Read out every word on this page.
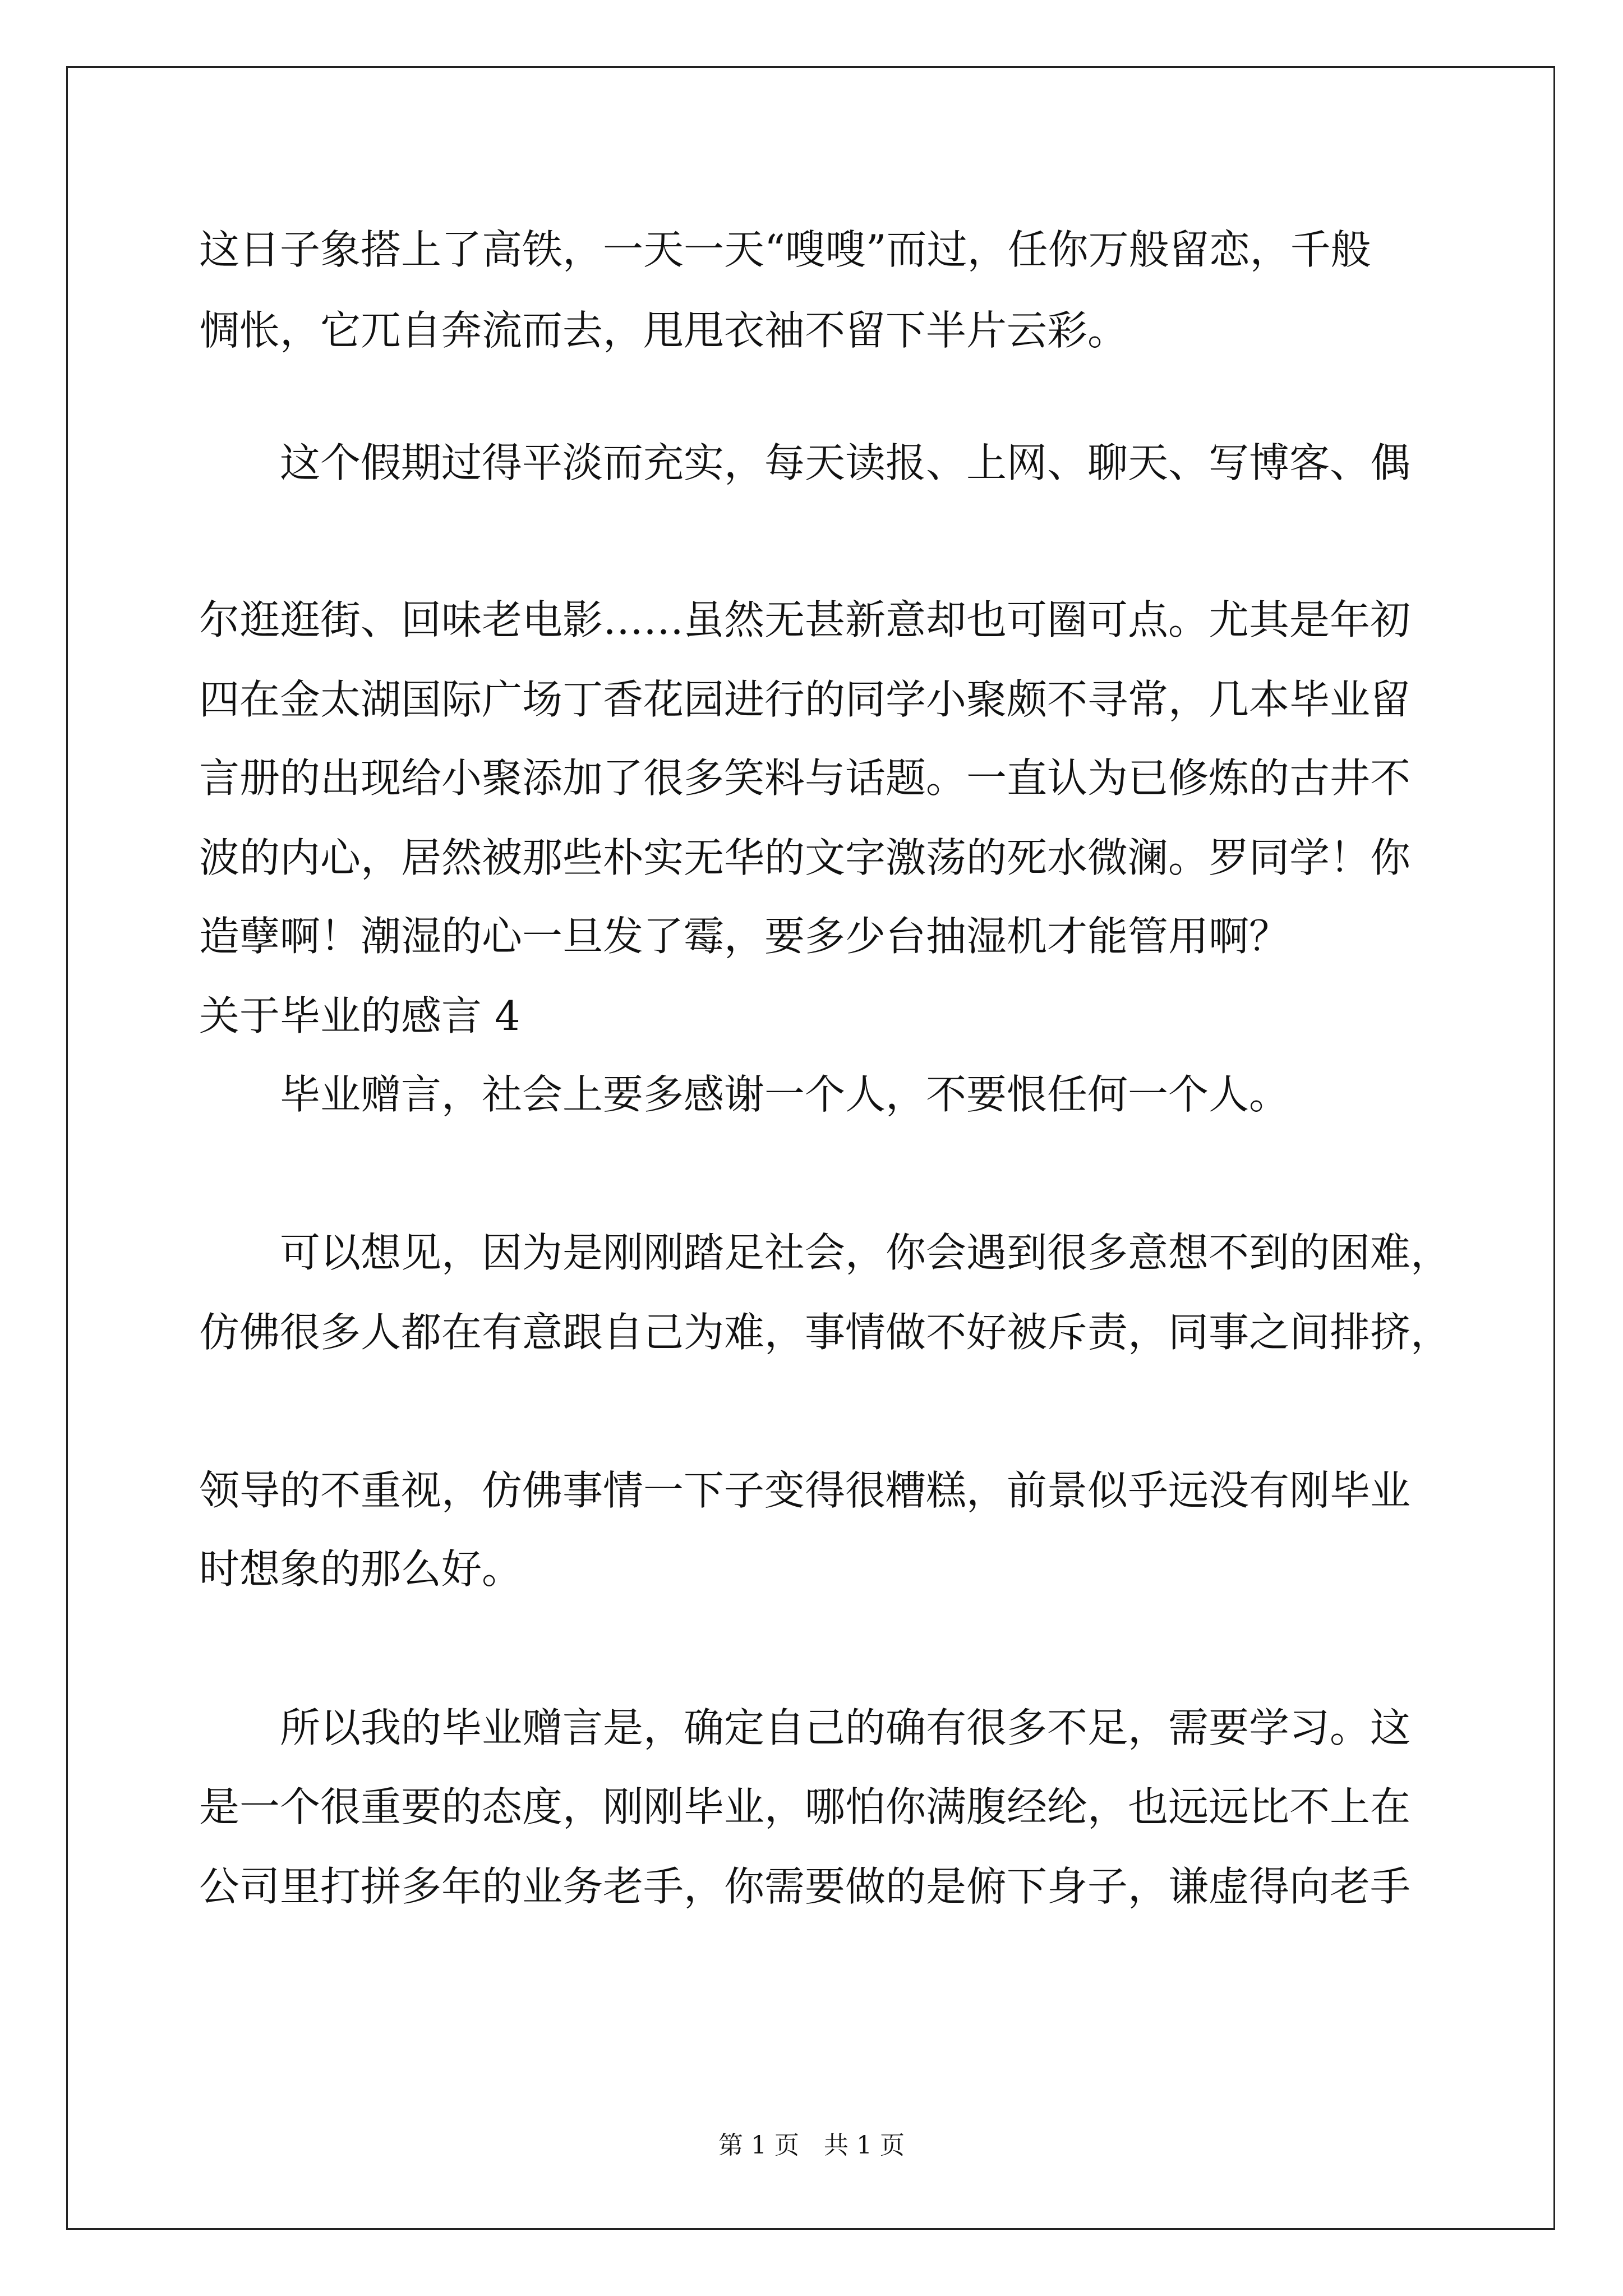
这日子象搭上了高铁，一天一天“嗖嗖”而过，任你万般留恋，千般
惆怅，它兀自奔流而去，甩甩衣袖不留下半片云彩。
　　这个假期过得平淡而充实，每天读报、上网、聊天、写博客、偶
尔逛逛街、回味老电影……虽然无甚新意却也可圈可点。尤其是年初
四在金太湖国际广场丁香花园进行的同学小聚颇不寻常，几本毕业留
言册的出现给小聚添加了很多笑料与话题。一直认为已修炼的古井不
波的内心，居然被那些朴实无华的文字激荡的死水微澜。罗同学！你
造孽啊！潮湿的心一旦发了霉，要多少台抽湿机才能管用啊？
关于毕业的感言 4
　　毕业赠言，社会上要多感谢一个人，不要恨任何一个人。
　　可以想见，因为是刚刚踏足社会，你会遇到很多意想不到的困难，
仿佛很多人都在有意跟自己为难，事情做不好被斥责，同事之间排挤，
领导的不重视，仿佛事情一下子变得很糟糕，前景似乎远没有刚毕业
时想象的那么好。
　　所以我的毕业赠言是，确定自己的确有很多不足，需要学习。这
是一个很重要的态度，刚刚毕业，哪怕你满腹经纶，也远远比不上在
公司里打拼多年的业务老手，你需要做的是俯下身子，谦虚得向老手
第 1 页　共 1 页
